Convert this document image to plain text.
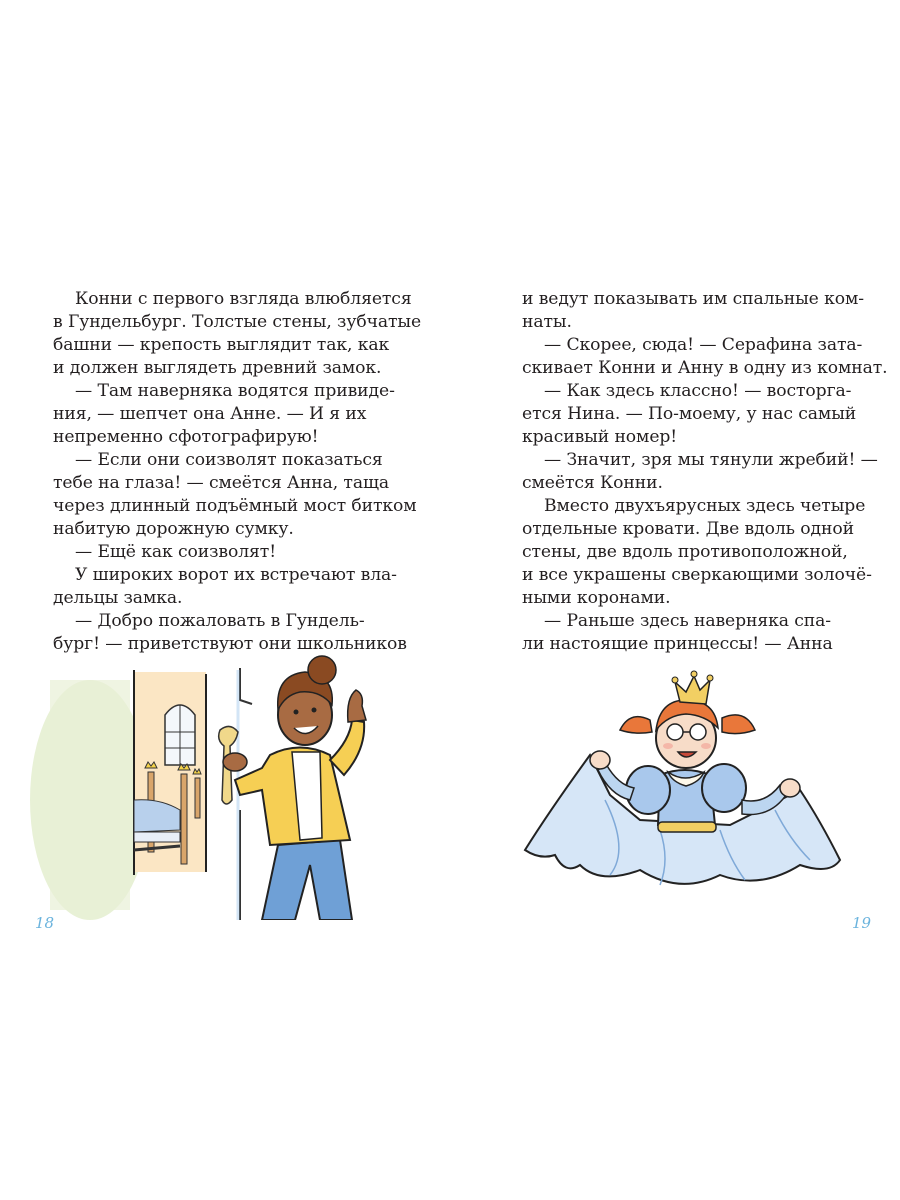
Конни с первого взгляда влюбляется
в Гундельбург. Толстые стены, зубчатые
башни — крепость выглядит так, как
и должен выглядеть древний замок.
— Там наверняка водятся привиде-
ния, — шепчет она Анне. — И я их
непременно сфотографирую!
— Если они соизволят показаться
тебе на глаза! — смеётся Анна, таща
через длинный подъёмный мост битком
набитую дорожную сумку.
— Ещё как соизволят!
У широких ворот их встречают вла-
дельцы замка.
— Добро пожаловать в Гундель-
бург! — приветствуют они школьников
18
и ведут показывать им спальные ком-
наты.
— Скорее, сюда! — Серафина зата-
скивает Конни и Анну в одну из комнат.
— Как здесь классно! — восторга-
ется Нина. — По-моему, у нас самый
красивый номер!
— Значит, зря мы тянули жребий! —
смеётся Конни.
Вместо двухъярусных здесь четыре
отдельные кровати. Две вдоль одной
стены, две вдоль противоположной,
и все украшены сверкающими золочё-
ными коронами.
— Раньше здесь наверняка спа-
ли настоящие принцессы! — Анна
19
